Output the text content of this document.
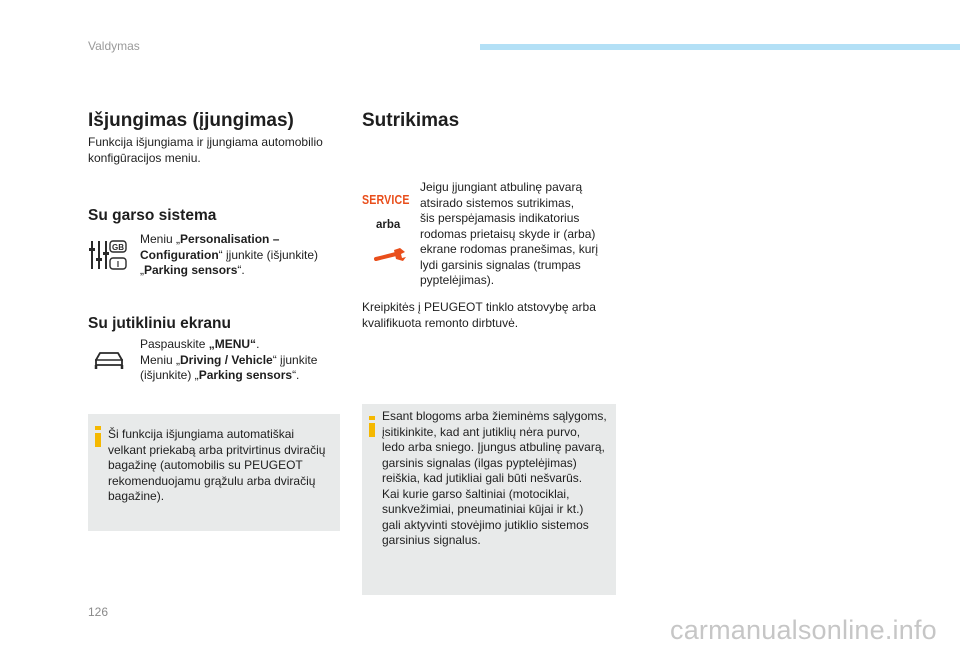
Valdymas
Išjungimas (įjungimas)
Funkcija išjungiama ir įjungiama automobilio
konfigūracijos meniu.
Su garso sistema
GB
I
Meniu „Personalisation –
Configuration“ įjunkite (išjunkite)
„Parking sensors“.
Su jutikliniu ekranu
Paspauskite „MENU“.
Meniu „Driving / Vehicle“ įjunkite
(išjunkite) „Parking sensors“.
Ši funkcija išjungiama automatiškai
velkant priekabą arba pritvirtinus dviračių
bagažinę (automobilis su PEUGEOT
rekomenduojamu grąžulu arba dviračių
bagažine).
Sutrikimas
SERVICE
arba
Jeigu įjungiant atbulinę pavarą
atsirado sistemos sutrikimas,
šis perspėjamasis indikatorius
rodomas prietaisų skyde ir (arba)
ekrane rodomas pranešimas, kurį
lydi garsinis signalas (trumpas
pyptelėjimas).
Kreipkitės į PEUGEOT tinklo atstovybę arba
kvalifikuota remonto dirbtuvė.
Esant blogoms arba žieminėms sąlygoms,
įsitikinkite, kad ant jutiklių nėra purvo,
ledo arba sniego. Įjungus atbulinę pavarą,
garsinis signalas (ilgas pyptelėjimas)
reiškia, kad jutikliai gali būti nešvarūs.
Kai kurie garso šaltiniai (motociklai,
sunkvežimiai, pneumatiniai kūjai ir kt.)
gali aktyvinti stovėjimo jutiklio sistemos
garsinius signalus.
126
carmanualsonline.info
